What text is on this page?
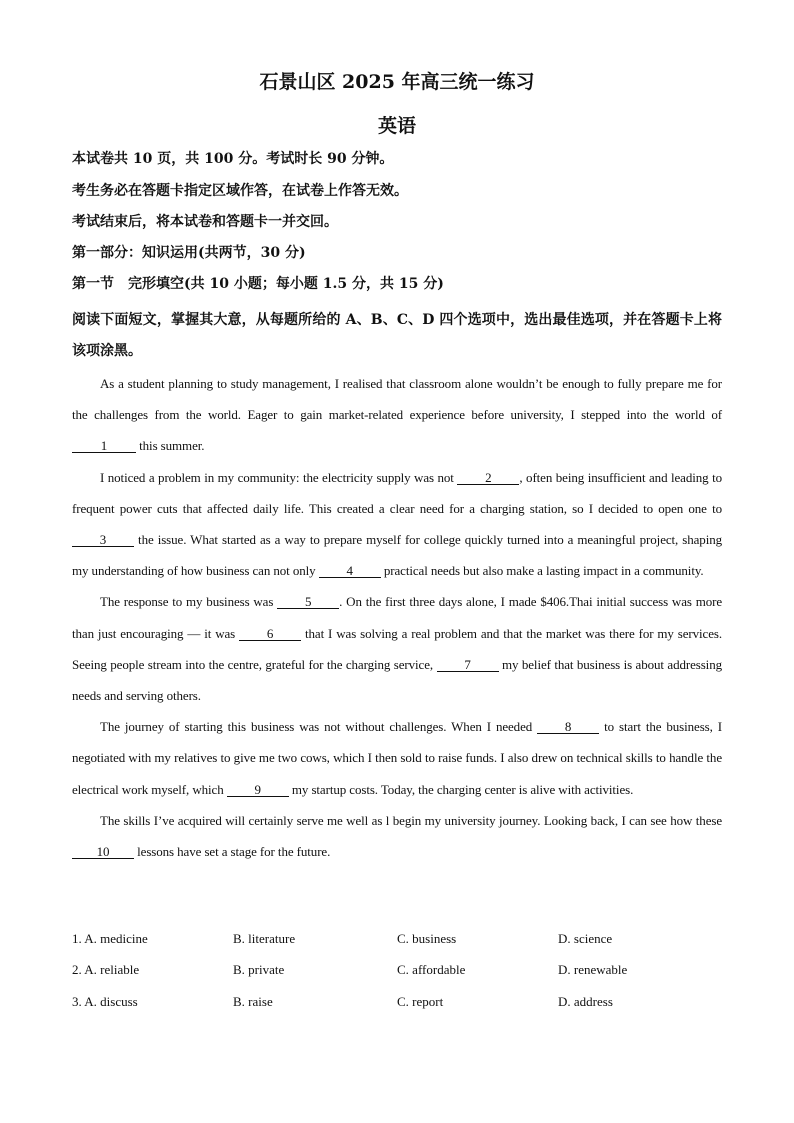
石景山区 2025 年高三统一练习
英语
本试卷共 10 页，共 100 分。考试时长 90 分钟。
考生务必在答题卡指定区域作答，在试卷上作答无效。
考试结束后，将本试卷和答题卡一并交回。
第一部分：知识运用(共两节，30 分)
第一节　完形填空(共 10 小题；每小题 1.5 分，共 15 分)
阅读下面短文，掌握其大意，从每题所给的 A、B、C、D 四个选项中，选出最佳选项，并在答题卡上将该项涂黑。

As a student planning to study management, I realised that classroom alone wouldn’t be enough to fully prepare me for the challenges from the world. Eager to gain market-related experience before university, I stepped into the world of 1 this summer.

I noticed a problem in my community: the electricity supply was not 2 , often being insufficient and leading to frequent power cuts that affected daily life. This created a clear need for a charging station, so I decided to open one to 3 the issue. What started as a way to prepare myself for college quickly turned into a meaningful project, shaping my understanding of how business can not only 4 practical needs but also make a lasting impact in a community.

The response to my business was 5 . On the first three days alone, I made $406.Thai initial success was more than just encouraging — it was 6 that I was solving a real problem and that the market was there for my services. Seeing people stream into the centre, grateful for the charging service, 7 my belief that business is about addressing needs and serving others.

The journey of starting this business was not without challenges. When I needed 8 to start the business, I negotiated with my relatives to give me two cows, which I then sold to raise funds. I also drew on technical skills to handle the electrical work myself, which 9 my startup costs. Today, the charging center is alive with activities.

The skills I’ve acquired will certainly serve me well as l begin my university journey. Looking back, I can see how these 10 lessons have set a stage for the future.

1. A. medicine	B. literature	C. business	D. science
2. A. reliable	B. private	C. affordable	D. renewable
3. A. discuss	B. raise	C. report	D. address
